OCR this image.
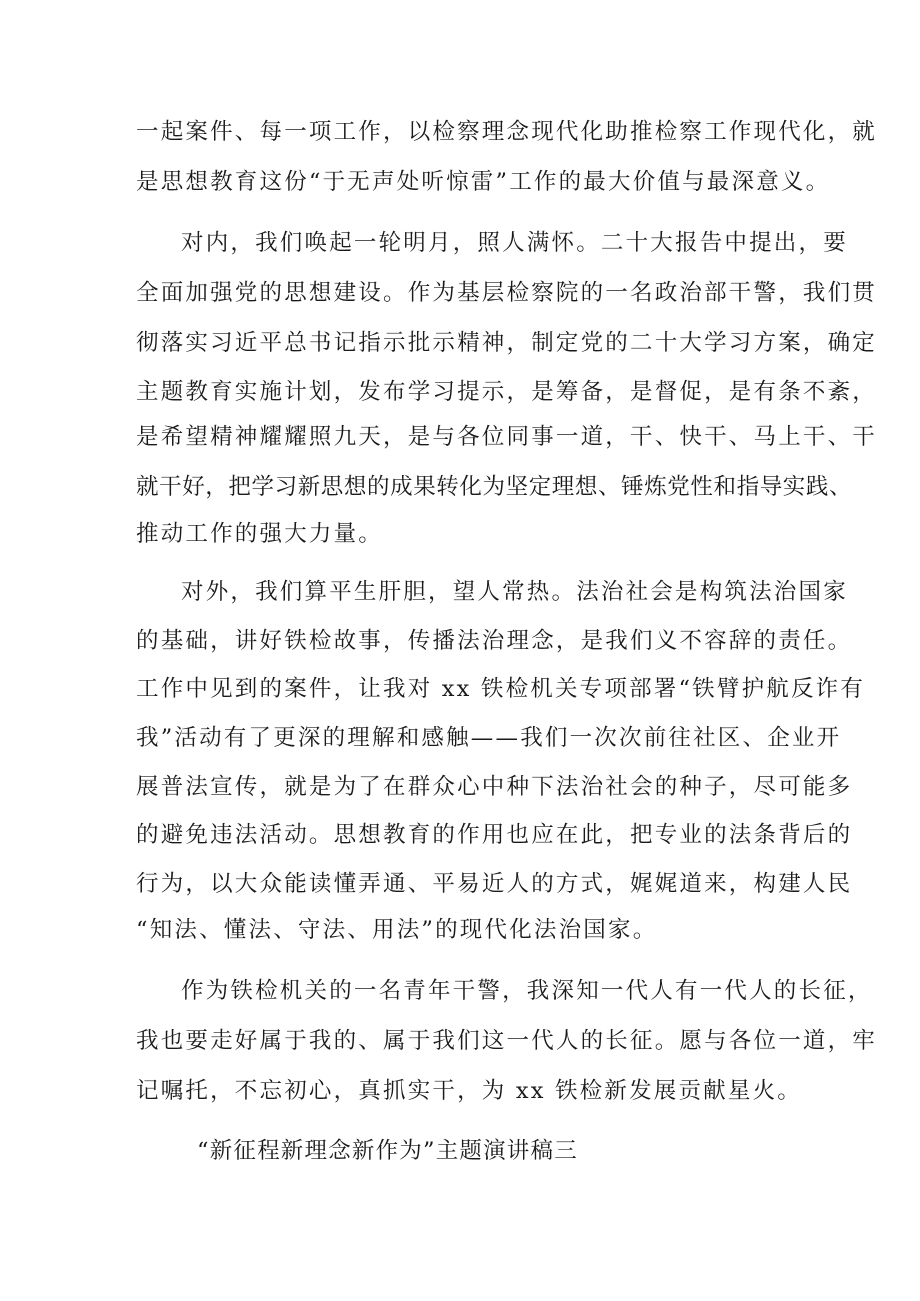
一起案件、每一项工作，以检察理念现代化助推检察工作现代化，就

是思想教育这份“于无声处听惊雷”工作的最大价值与最深意义。

对内，我们唤起一轮明月，照人满怀。二十大报告中提出，要

全面加强党的思想建设。作为基层检察院的一名政治部干警，我们贯

彻落实习近平总书记指示批示精神，制定党的二十大学习方案，确定

主题教育实施计划，发布学习提示，是筹备，是督促，是有条不紊，

是希望精神耀耀照九天，是与各位同事一道，干、快干、马上干、干

就干好，把学习新思想的成果转化为坚定理想、锤炼党性和指导实践、

推动工作的强大力量。

对外，我们算平生肝胆，望人常热。法治社会是构筑法治国家

的基础，讲好铁检故事，传播法治理念，是我们义不容辞的责任。

工作中见到的案件，让我对 xx 铁检机关专项部署“铁臂护航反诈有

我”活动有了更深的理解和感触——我们一次次前往社区、企业开

展普法宣传，就是为了在群众心中种下法治社会的种子，尽可能多

的避免违法活动。思想教育的作用也应在此，把专业的法条背后的

行为，以大众能读懂弄通、平易近人的方式，娓娓道来，构建人民

“知法、懂法、守法、用法”的现代化法治国家。

作为铁检机关的一名青年干警，我深知一代人有一代人的长征，

我也要走好属于我的、属于我们这一代人的长征。愿与各位一道，牢

记嘱托，不忘初心，真抓实干，为 xx 铁检新发展贡献星火。

“新征程新理念新作为”主题演讲稿三
